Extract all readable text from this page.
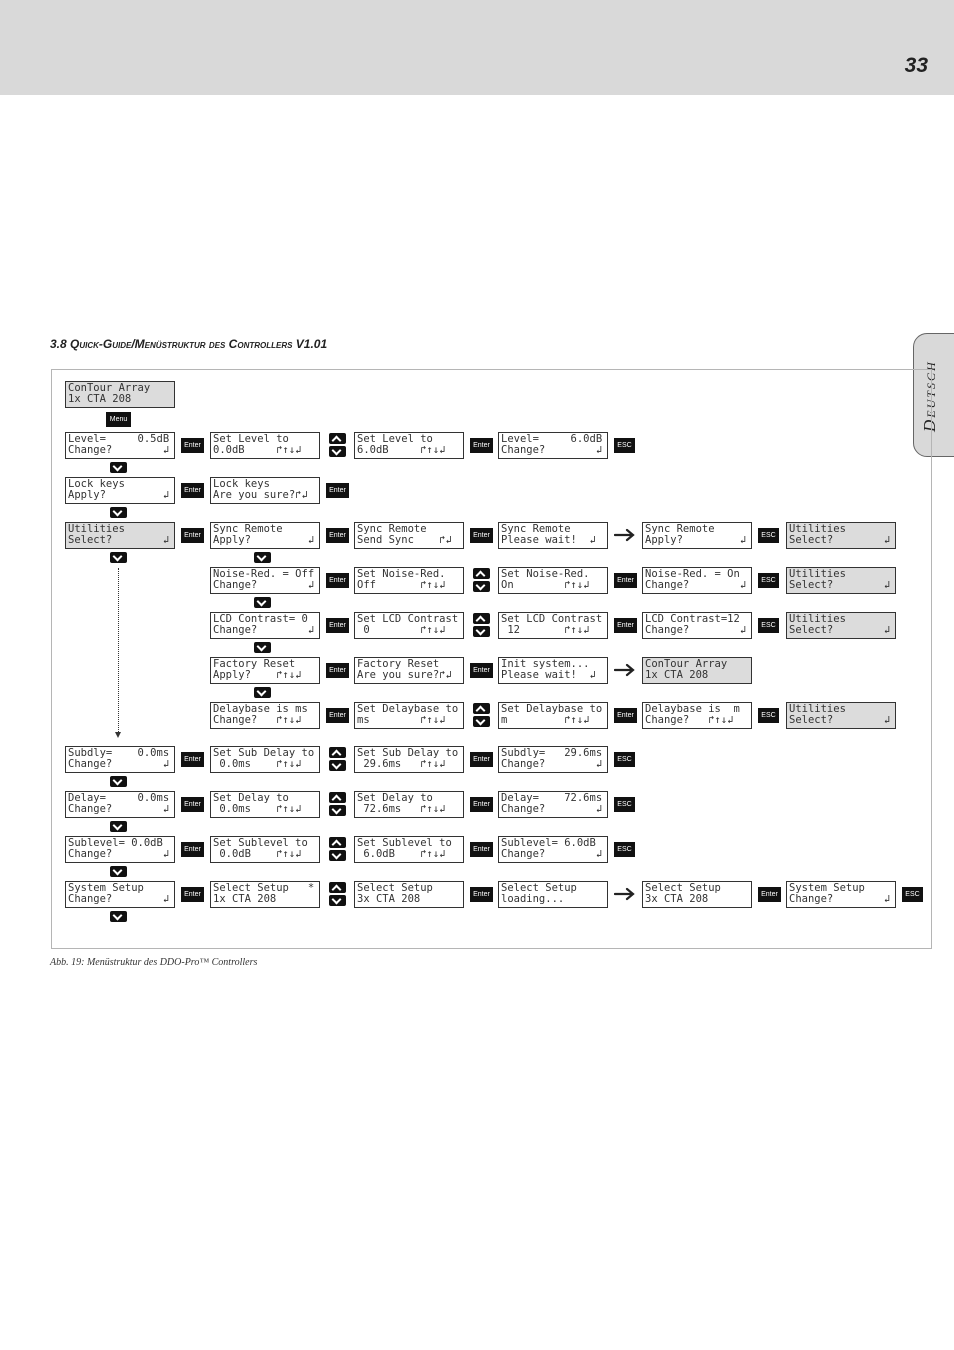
33
Deutsch
3.8 Quick-Guide/Menüstruktur des Controllers V1.01
ConTour Array
1x CTA 208
Menu
Level=     0.5dB
Change?        ↲	Enter
Set Level to
0.0dB     ↱↑↓↲
Set Level to
6.0dB     ↱↑↓↲	Enter
Level=     6.0dB
Change?        ↲	ESC
Lock keys
Apply?         ↲	Enter
Lock keys
Are you sure?↱↲	Enter
Utilities
Select?        ↲	Enter
Sync Remote
Apply?         ↲	Enter
Sync Remote
Send Sync    ↱↲	Enter
Sync Remote
Please wait!  ↲
Sync Remote
Apply?         ↲	ESC
Utilities
Select?        ↲
Noise-Red. = Off
Change?        ↲	Enter
Set Noise-Red.
Off       ↱↑↓↲
Set Noise-Red.
On        ↱↑↓↲	Enter
Noise-Red. = On
Change?        ↲	ESC
Utilities
Select?        ↲
LCD Contrast= 0
Change?        ↲	Enter
Set LCD Contrast
0        ↱↑↓↲
Set LCD Contrast
12       ↱↑↓↲	Enter
LCD Contrast=12
Change?        ↲	ESC
Utilities
Select?        ↲
Factory Reset
Apply?    ↱↑↓↲	Enter
Factory Reset
Are you sure?↱↲	Enter
Init system...
Please wait!  ↲
ConTour Array
1x CTA 208
Delaybase is ms
Change?   ↱↑↓↲	Enter
Set Delaybase to
ms        ↱↑↓↲
Set Delaybase to
m         ↱↑↓↲	Enter
Delaybase is  m
Change?   ↱↑↓↲	ESC
Utilities
Select?        ↲
Subdly=    0.0ms
Change?        ↲	Enter
Set Sub Delay to
0.0ms    ↱↑↓↲
Set Sub Delay to
29.6ms   ↱↑↓↲	Enter
Subdly=   29.6ms
Change?        ↲	ESC
Delay=     0.0ms
Change?        ↲	Enter
Set Delay to
0.0ms    ↱↑↓↲
Set Delay to
72.6ms   ↱↑↓↲	Enter
Delay=    72.6ms
Change?        ↲	ESC
Sublevel= 0.0dB
Change?        ↲	Enter
Set Sublevel to
0.0dB    ↱↑↓↲
Set Sublevel to
6.0dB    ↱↑↓↲	Enter
Sublevel= 6.0dB
Change?        ↲	ESC
System Setup
Change?        ↲	Enter
Select Setup   *
1x CTA 208
Select Setup
3x CTA 208	Enter
Select Setup
loading...
Select Setup
3x CTA 208	Enter
System Setup
Change?        ↲	ESC
Abb. 19: Menüstruktur des DDO-Pro™ Controllers
